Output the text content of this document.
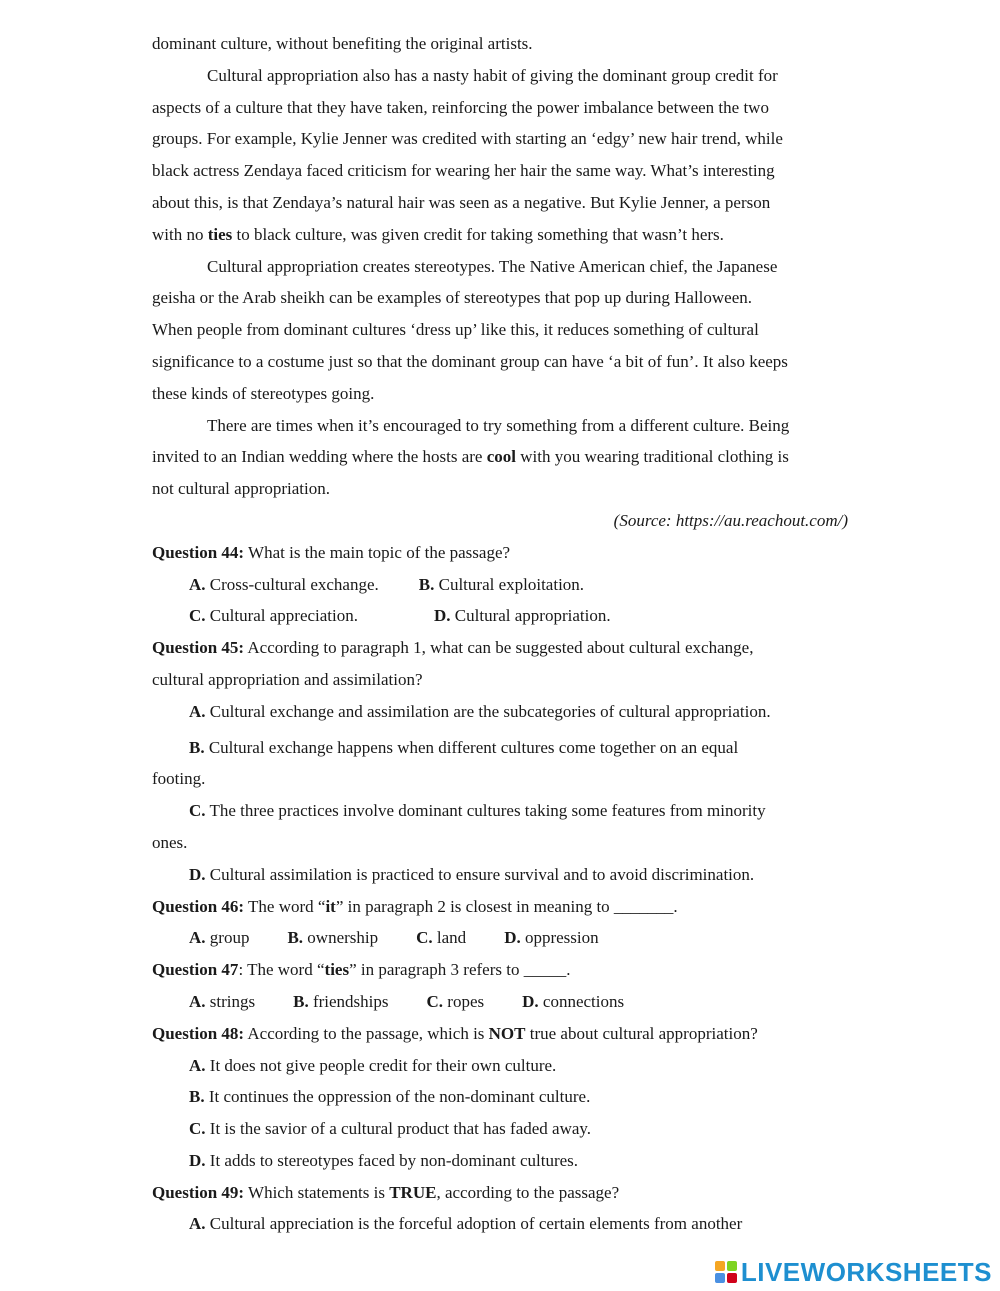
dominant culture, without benefiting the original artists.

Cultural appropriation also has a nasty habit of giving the dominant group credit for

aspects of a culture that they have taken, reinforcing the power imbalance between the two

groups. For example, Kylie Jenner was credited with starting an ‘edgy’ new hair trend, while

black actress Zendaya faced criticism for wearing her hair the same way. What’s interesting

about this, is that Zendaya’s natural hair was seen as a negative. But Kylie Jenner, a person

with no ties to black culture, was given credit for taking something that wasn’t hers.

Cultural appropriation creates stereotypes. The Native American chief, the Japanese

geisha or the Arab sheikh can be examples of stereotypes that pop up during Halloween.

When people from dominant cultures ‘dress up’ like this, it reduces something of cultural

significance to a costume just so that the dominant group can have ‘a bit of fun’. It also keeps

these kinds of stereotypes going.

There are times when it’s encouraged to try something from a different culture. Being

invited to an Indian wedding where the hosts are cool with you wearing traditional clothing is

not cultural appropriation.

(Source: https://au.reachout.com/)

Question 44: What is the main topic of the passage?

A. Cross-cultural exchange. B. Cultural exploitation.

C. Cultural appreciation.	D. Cultural appropriation.

Question 45: According to paragraph 1, what can be suggested about cultural exchange,

cultural appropriation and assimilation?

A. Cultural exchange and assimilation are the subcategories of cultural appropriation.

B. Cultural exchange happens when different cultures come together on an equal

footing.

C. The three practices involve dominant cultures taking some features from minority

ones.

D. Cultural assimilation is practiced to ensure survival and to avoid discrimination.

Question 46: The word “it” in paragraph 2 is closest in meaning to _______.

A. group B. ownership C. land D. oppression

Question 47: The word “ties” in paragraph 3 refers to _____.

A. strings B. friendships C. ropes D. connections

Question 48: According to the passage, which is NOT true about cultural appropriation?

A. It does not give people credit for their own culture.

B. It continues the oppression of the non-dominant culture.

C. It is the savior of a cultural product that has faded away.

D. It adds to stereotypes faced by non-dominant cultures.

Question 49: Which statements is TRUE, according to the passage?

A. Cultural appreciation is the forceful adoption of certain elements from another

LIVEWORKSHEETS
